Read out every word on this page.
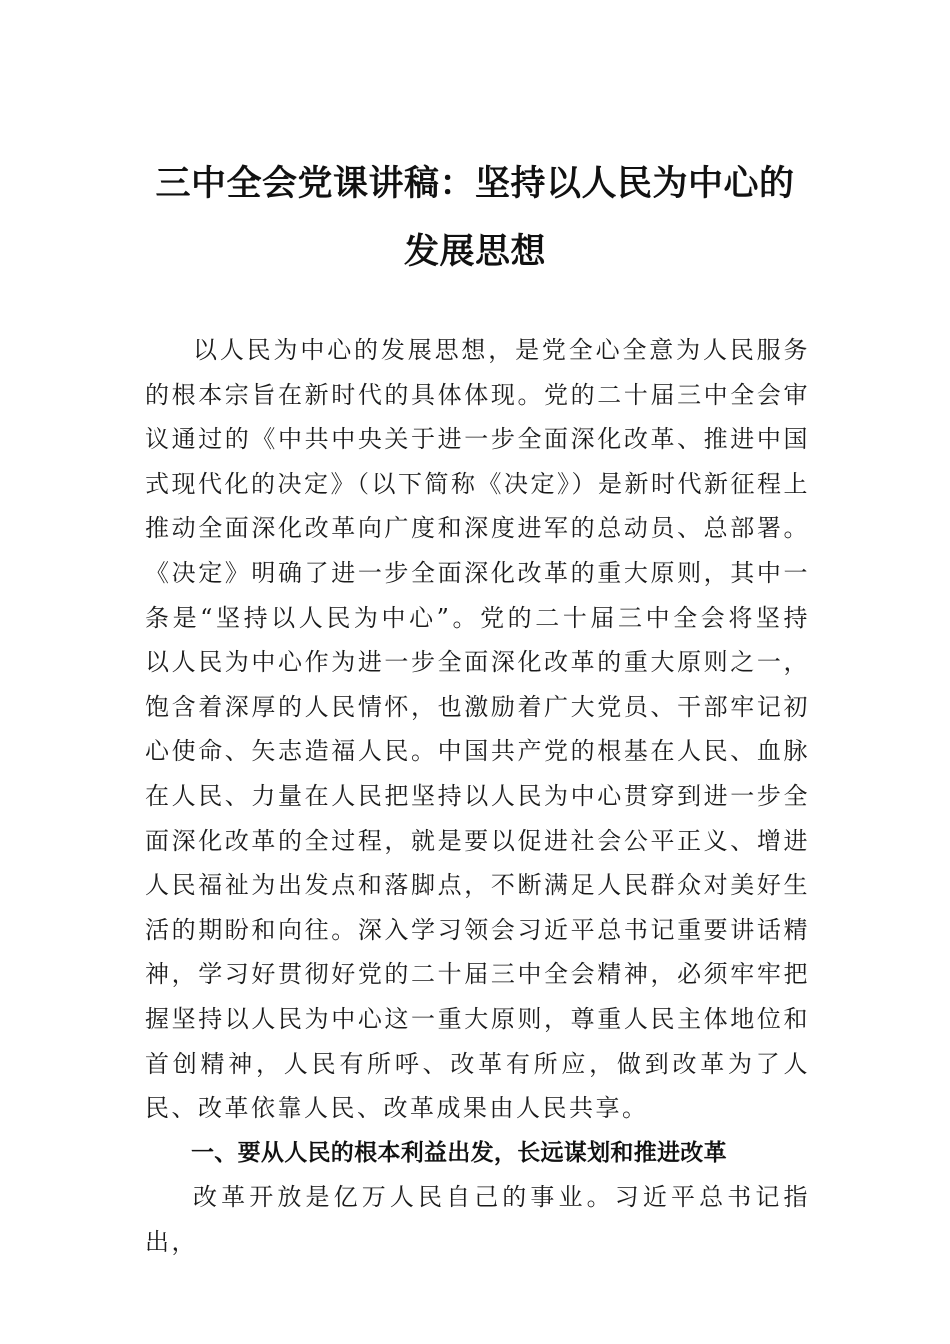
三中全会党课讲稿：坚持以人民为中心的
发展思想

以人民为中心的发展思想，是党全心全意为人民服务的根本宗旨在新时代的具体体现。党的二十届三中全会审议通过的《中共中央关于进一步全面深化改革、推进中国式现代化的决定》（以下简称《决定》）是新时代新征程上推动全面深化改革向广度和深度进军的总动员、总部署。《决定》明确了进一步全面深化改革的重大原则，其中一条是“坚持以人民为中心”。党的二十届三中全会将坚持以人民为中心作为进一步全面深化改革的重大原则之一，饱含着深厚的人民情怀，也激励着广大党员、干部牢记初心使命、矢志造福人民。中国共产党的根基在人民、血脉在人民、力量在人民把坚持以人民为中心贯穿到进一步全面深化改革的全过程，就是要以促进社会公平正义、增进人民福祉为出发点和落脚点，不断满足人民群众对美好生活的期盼和向往。深入学习领会习近平总书记重要讲话精神，学习好贯彻好党的二十届三中全会精神，必须牢牢把握坚持以人民为中心这一重大原则，尊重人民主体地位和首创精神，人民有所呼、改革有所应，做到改革为了人民、改革依靠人民、改革成果由人民共享。

一、要从人民的根本利益出发，长远谋划和推进改革

改革开放是亿万人民自己的事业。习近平总书记指出，
